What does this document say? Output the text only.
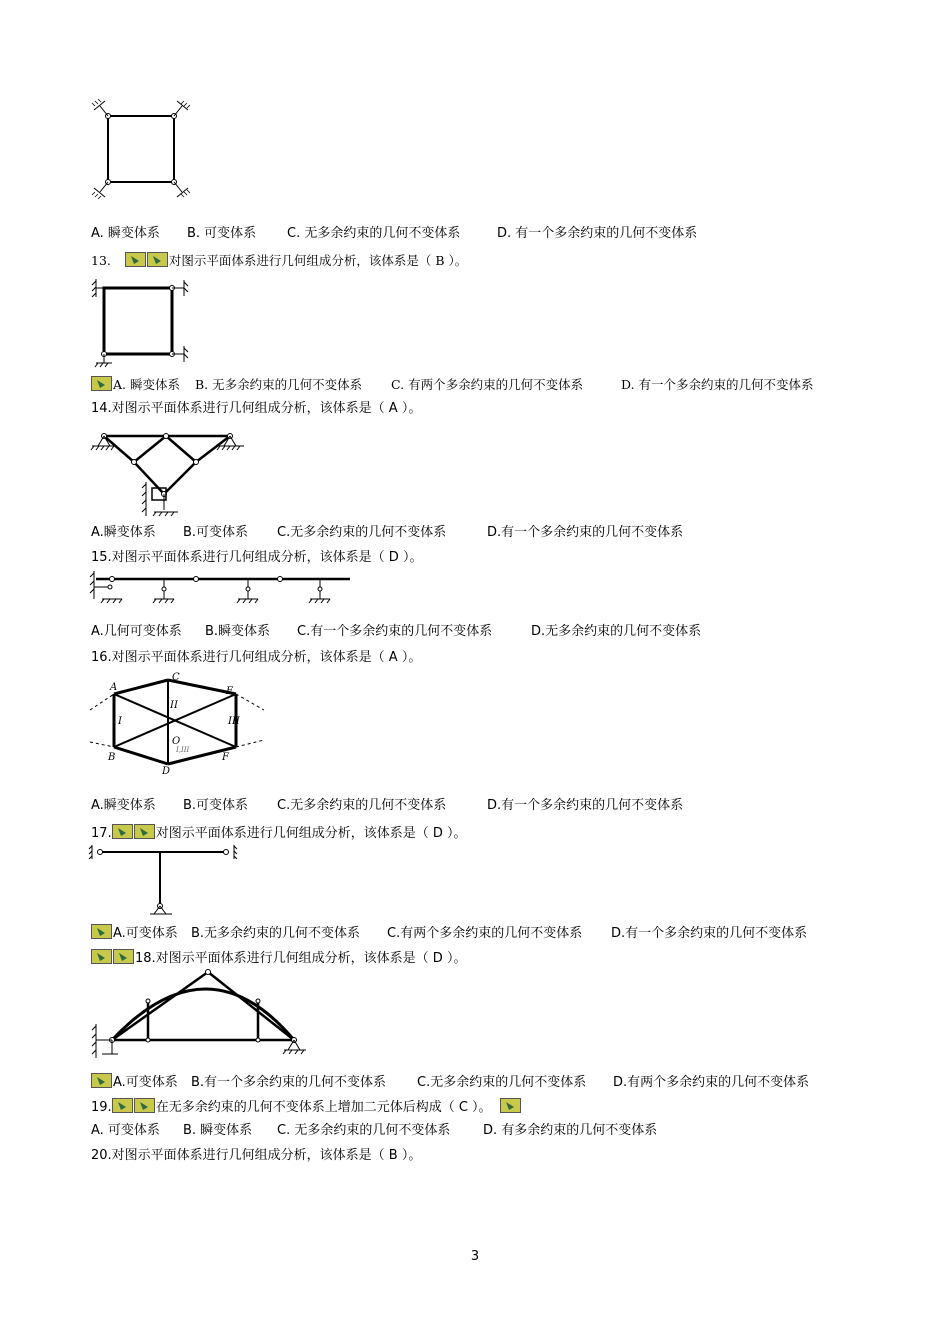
A. 瞬变体系 B. 可变体系 C. 无多余约束的几何不变体系	D. 有一个多余约束的几何不变体系
13.	对图示平面体系进行几何组成分析，该体系是（ B ）。
A. 瞬变体系 B. 无多余约束的几何不变体系 C. 有两个多余约束的几何不变体系	D. 有一个多余约束的几何不变体系
14.对图示平面体系进行几何组成分析，该体系是（ A ）。
A.瞬变体系 B.可变体系 C.无多余约束的几何不变体系	D.有一个多余约束的几何不变体系
15.对图示平面体系进行几何组成分析，该体系是（ D ）。
A.几何可变体系 B.瞬变体系 C.有一个多余约束的几何不变体系	D.无多余约束的几何不变体系
16.对图示平面体系进行几何组成分析，该体系是（ A ）。
A
C
E
B
D
F
O
I
II
III
I,III
A.瞬变体系 B.可变体系 C.无多余约束的几何不变体系	D.有一个多余约束的几何不变体系
17.	对图示平面体系进行几何组成分析，该体系是（ D ）。
A.可变体系 B.无多余约束的几何不变体系 C.有两个多余约束的几何不变体系 D.有一个多余约束的几何不变体系
18.对图示平面体系进行几何组成分析，该体系是（ D ）。
A.可变体系 B.有一个多余约束的几何不变体系 C.无多余约束的几何不变体系 D.有两个多余约束的几何不变体系
19.	在无多余约束的几何不变体系上增加二元体后构成（ C ）。
A. 可变体系 B. 瞬变体系 C. 无多余约束的几何不变体系	D. 有多余约束的几何不变体系
20.对图示平面体系进行几何组成分析，该体系是（ B ）。
3
